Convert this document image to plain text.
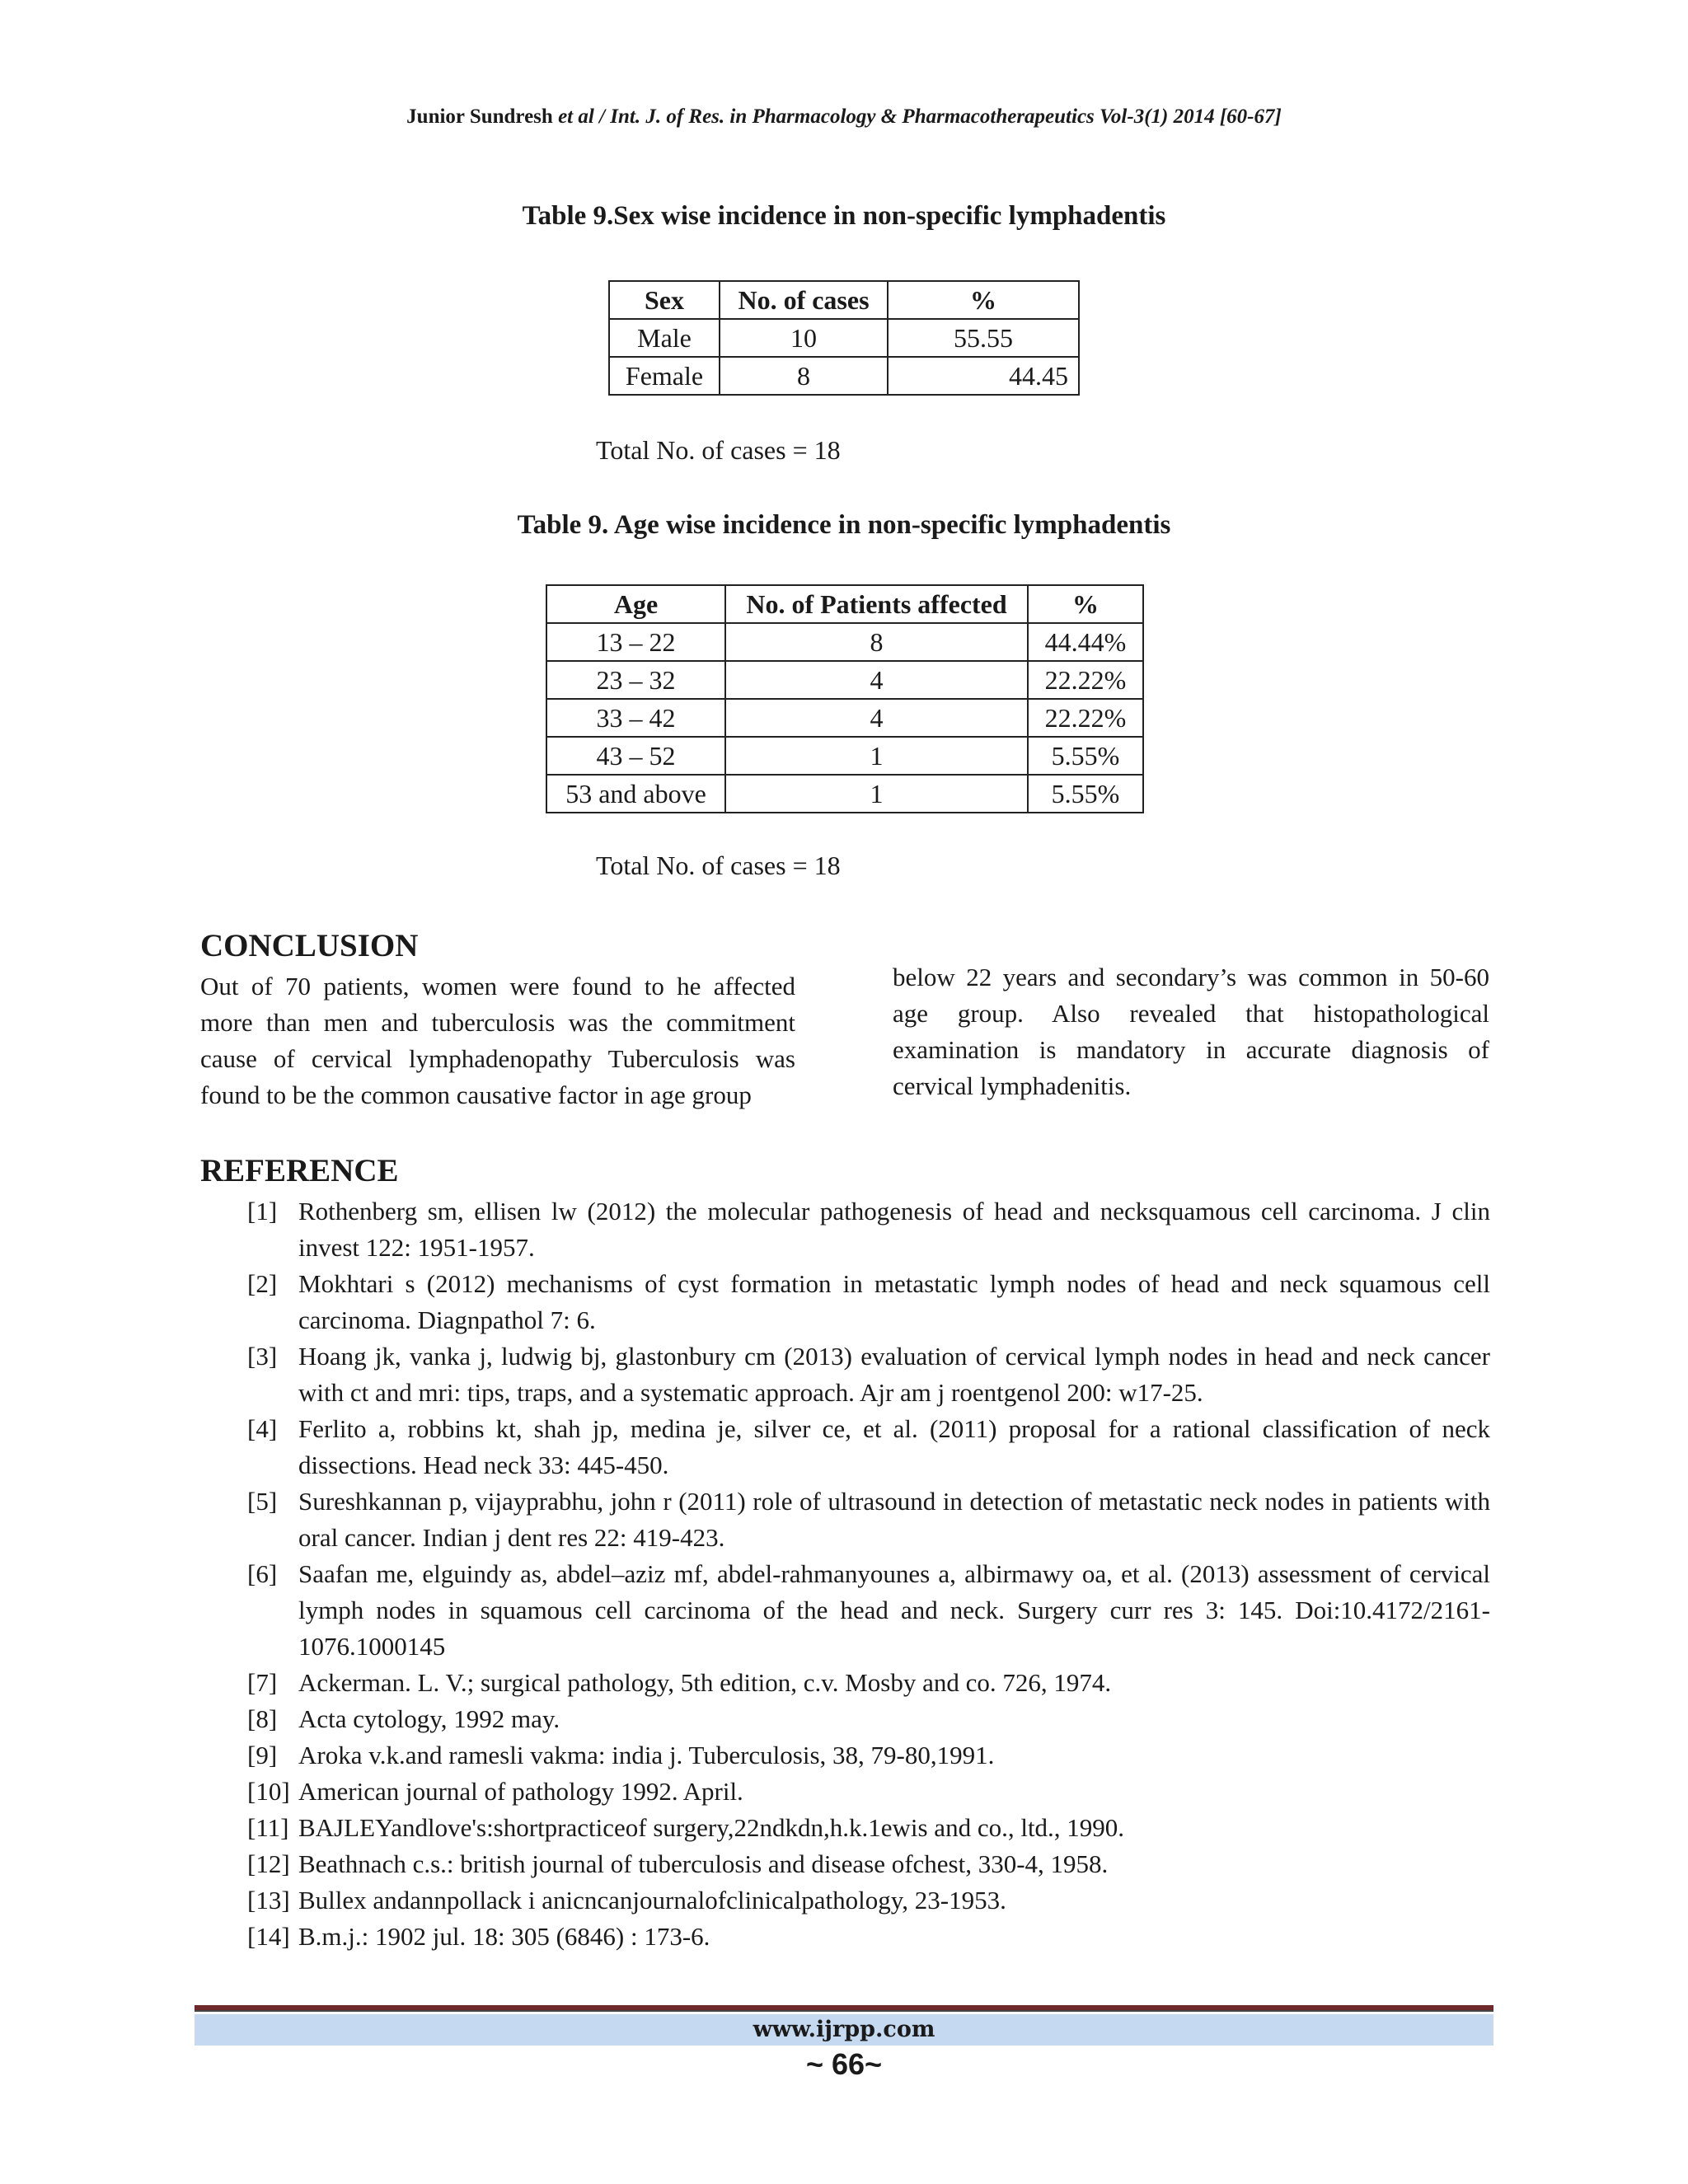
Junior Sundresh et al / Int. J. of Res. in Pharmacology & Pharmacotherapeutics Vol-3(1) 2014 [60-67]
Table 9.Sex wise incidence in non-specific lymphadentis
Sex	No. of cases	%
Male	10	55.55
Female	8	44.45
Total No. of cases = 18
Table 9. Age wise incidence in non-specific lymphadentis
Age	No. of Patients affected	%
13 – 22	8	44.44%
23 – 32	4	22.22%
33 – 42	4	22.22%
43 – 52	1	5.55%
53 and above	1	5.55%
Total No. of cases = 18
CONCLUSION

Out of 70 patients, women were found to he affected more than men and tuberculosis was the commitment cause of cervical lymphadenopathy Tuberculosis was found to be the common causative factor in age group

below 22 years and secondary’s was common in 50-60 age group. Also revealed that histopathological examination is mandatory in accurate diagnosis of cervical lymphadenitis.

REFERENCE
[1] Rothenberg sm, ellisen lw (2012) the molecular pathogenesis of head and necksquamous cell carcinoma. J clin invest 122: 1951-1957.
[2] Mokhtari s (2012) mechanisms of cyst formation in metastatic lymph nodes of head and neck squamous cell carcinoma. Diagnpathol 7: 6.
[3] Hoang jk, vanka j, ludwig bj, glastonbury cm (2013) evaluation of cervical lymph nodes in head and neck cancer with ct and mri: tips, traps, and a systematic approach. Ajr am j roentgenol 200: w17-25.
[4] Ferlito a, robbins kt, shah jp, medina je, silver ce, et al. (2011) proposal for a rational classification of neck dissections. Head neck 33: 445-450.
[5] Sureshkannan p, vijayprabhu, john r (2011) role of ultrasound in detection of metastatic neck nodes in patients with oral cancer. Indian j dent res 22: 419-423.
[6] Saafan me, elguindy as, abdel–aziz mf, abdel-rahmanyounes a, albirmawy oa, et al. (2013) assessment of cervical lymph nodes in squamous cell carcinoma of the head and neck. Surgery curr res 3: 145. Doi:10.4172/2161-1076.1000145
[7] Ackerman. L. V.; surgical pathology, 5th edition, c.v. Mosby and co. 726, 1974.
[8] Acta cytology, 1992 may.
[9] Aroka v.k.and ramesli vakma: india j. Tuberculosis, 38, 79-80,1991.
[10] American journal of pathology 1992. April.
[11] BAJLEYandlove's:shortpracticeof surgery,22ndkdn,h.k.1ewis and co., ltd., 1990.
[12] Beathnach c.s.: british journal of tuberculosis and disease ofchest, 330-4, 1958.
[13] Bullex andannpollack i anicncanjournalofclinicalpathology, 23-1953.
[14] B.m.j.: 1902 jul. 18: 305 (6846) : 173-6.
www.ijrpp.com
~ 66~
